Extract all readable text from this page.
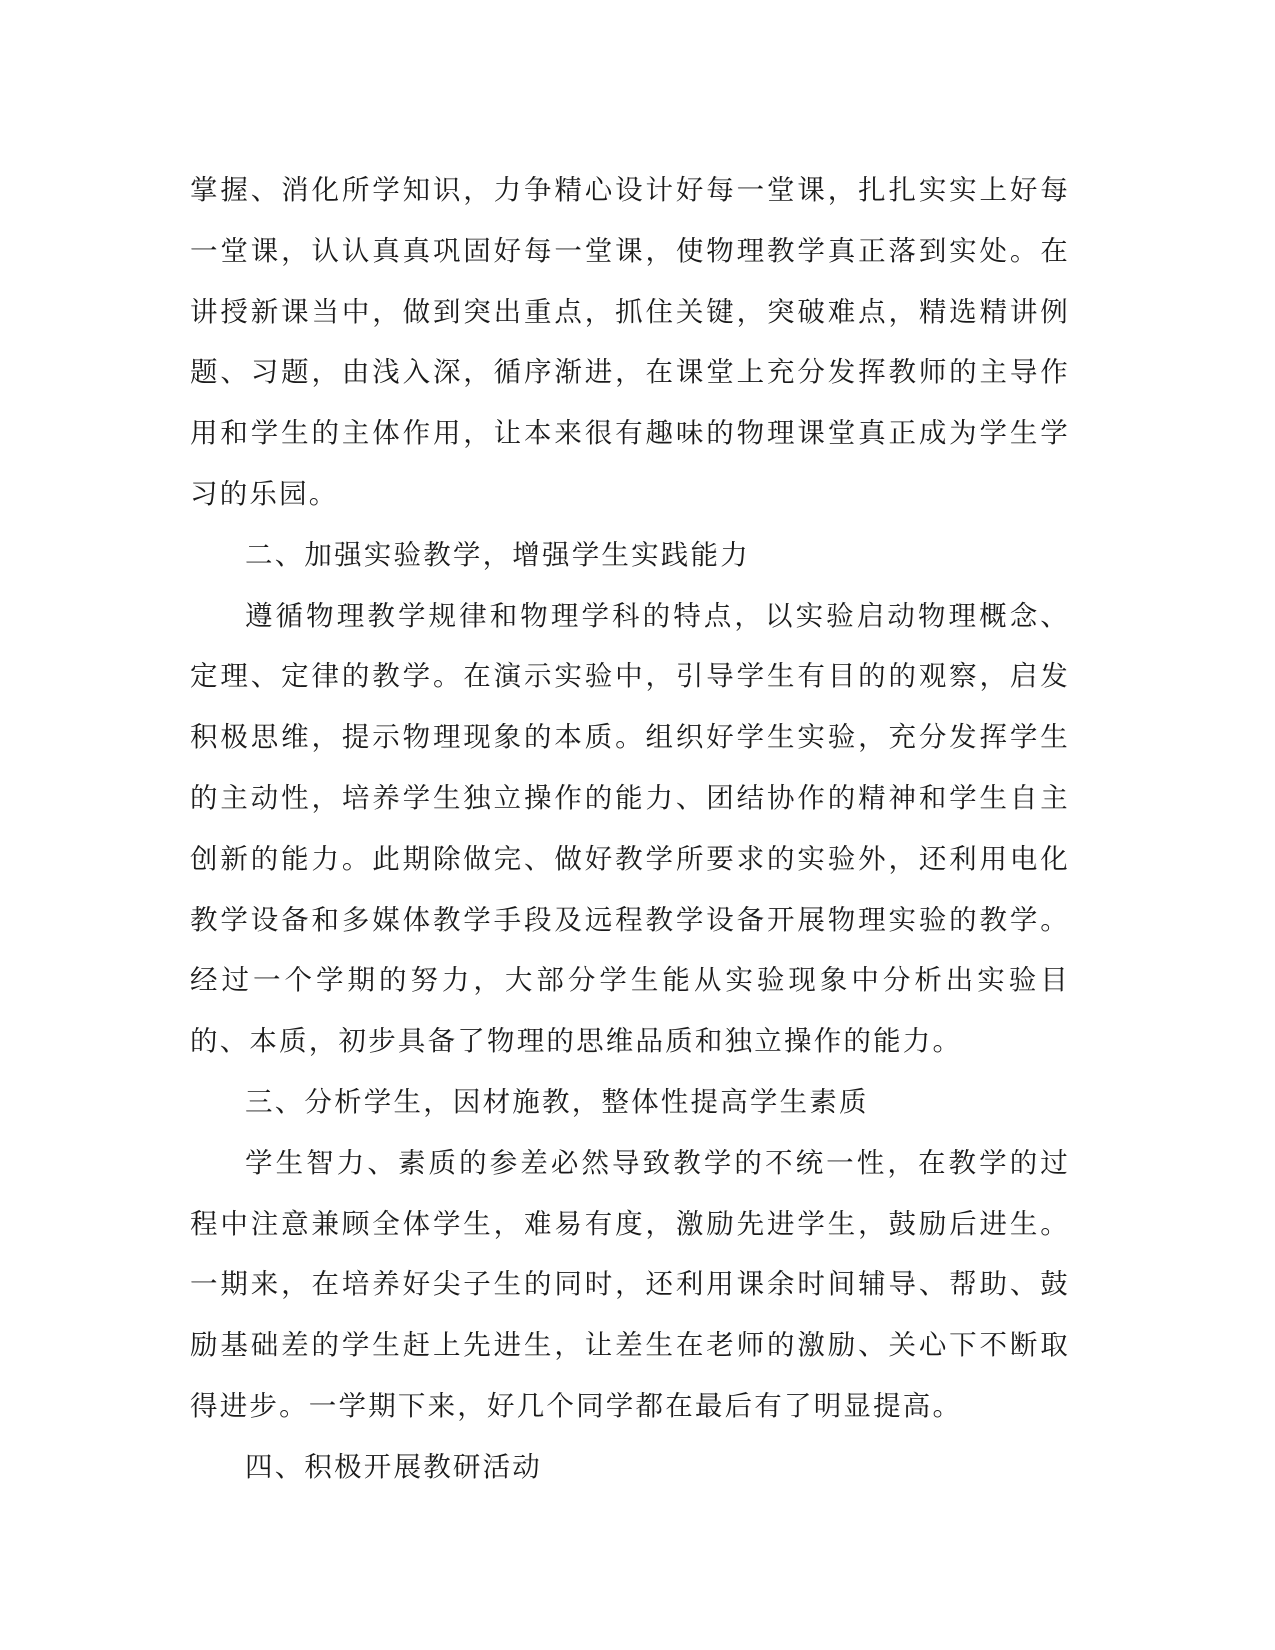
掌握、消化所学知识，力争精心设计好每一堂课，扎扎实实上好每一堂课，认认真真巩固好每一堂课，使物理教学真正落到实处。在讲授新课当中，做到突出重点，抓住关键，突破难点，精选精讲例题、习题，由浅入深，循序渐进，在课堂上充分发挥教师的主导作用和学生的主体作用，让本来很有趣味的物理课堂真正成为学生学习的乐园。

二、加强实验教学，增强学生实践能力

遵循物理教学规律和物理学科的特点，以实验启动物理概念、定理、定律的教学。在演示实验中，引导学生有目的的观察，启发积极思维，提示物理现象的本质。组织好学生实验，充分发挥学生的主动性，培养学生独立操作的能力、团结协作的精神和学生自主创新的能力。此期除做完、做好教学所要求的实验外，还利用电化教学设备和多媒体教学手段及远程教学设备开展物理实验的教学。经过一个学期的努力，大部分学生能从实验现象中分析出实验目的、本质，初步具备了物理的思维品质和独立操作的能力。

三、分析学生，因材施教，整体性提高学生素质

学生智力、素质的参差必然导致教学的不统一性，在教学的过程中注意兼顾全体学生，难易有度，激励先进学生，鼓励后进生。一期来，在培养好尖子生的同时，还利用课余时间辅导、帮助、鼓励基础差的学生赶上先进生，让差生在老师的激励、关心下不断取得进步。一学期下来，好几个同学都在最后有了明显提高。

四、积极开展教研活动
